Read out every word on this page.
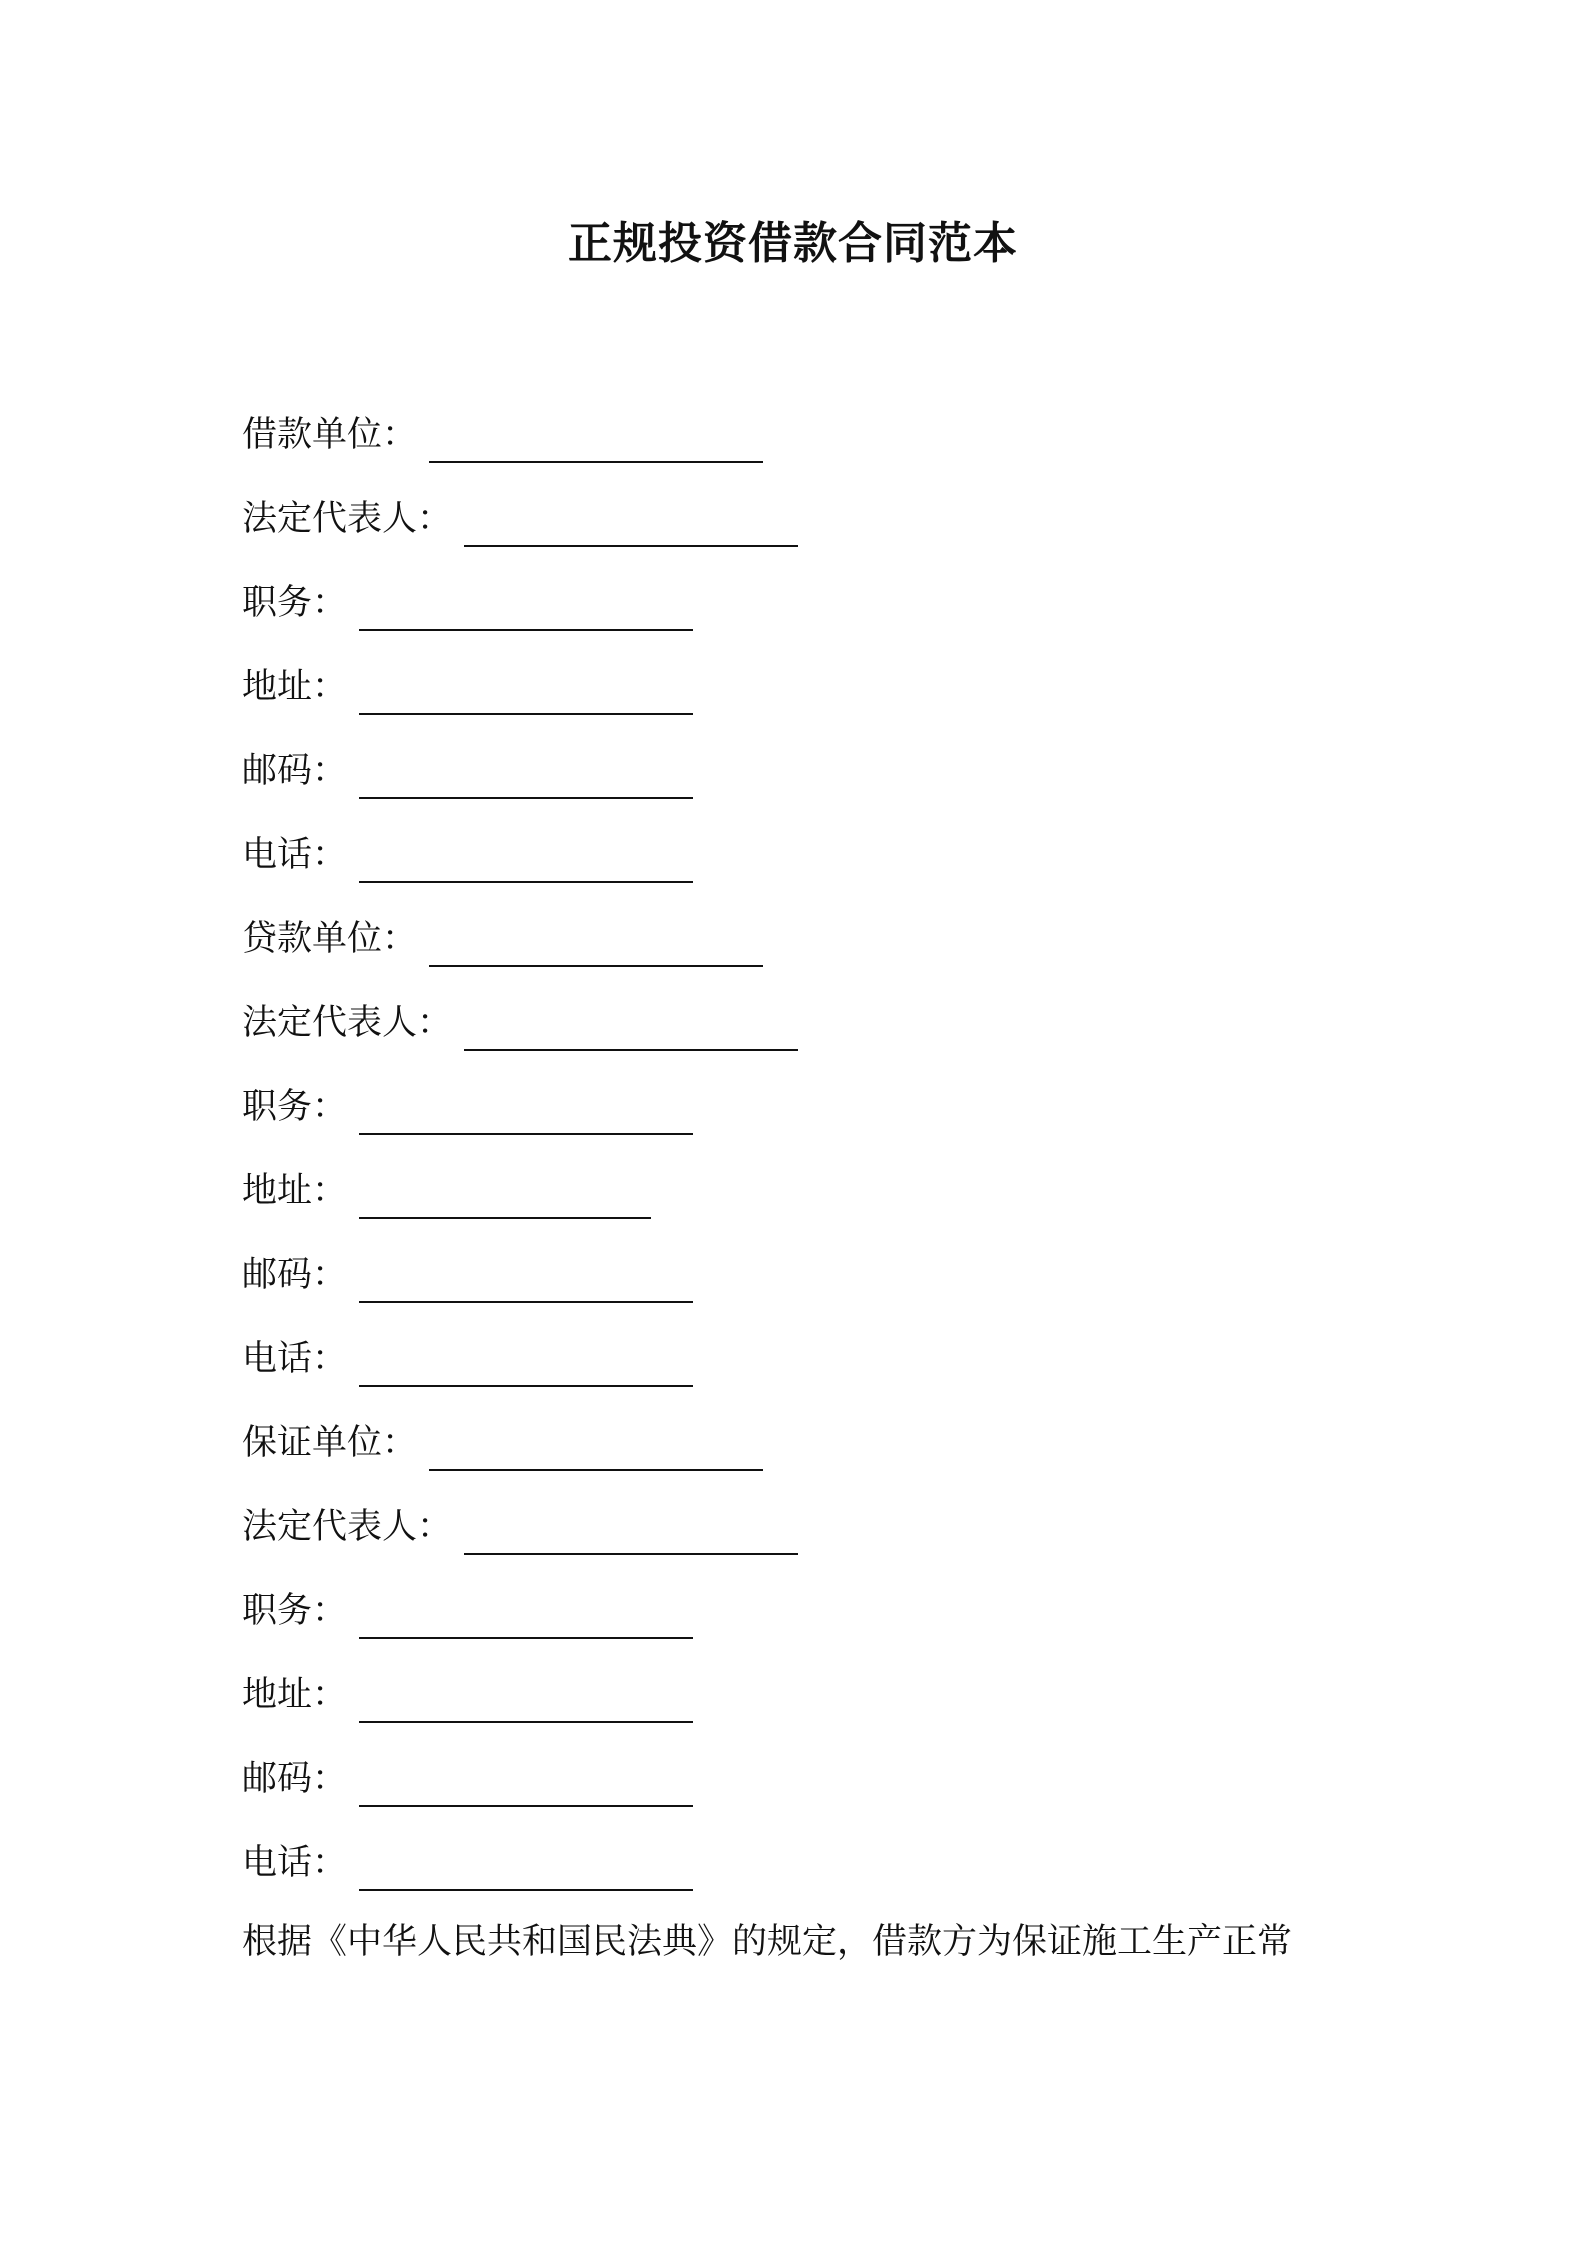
正规投资借款合同范本
借款单位：
法定代表人：
职务：
地址：
邮码：
电话：
贷款单位：
法定代表人：
职务：
地址：
邮码：
电话：
保证单位：
法定代表人：
职务：
地址：
邮码：
电话：
根据《中华人民共和国民法典》的规定，借款方为保证施工生产正常
